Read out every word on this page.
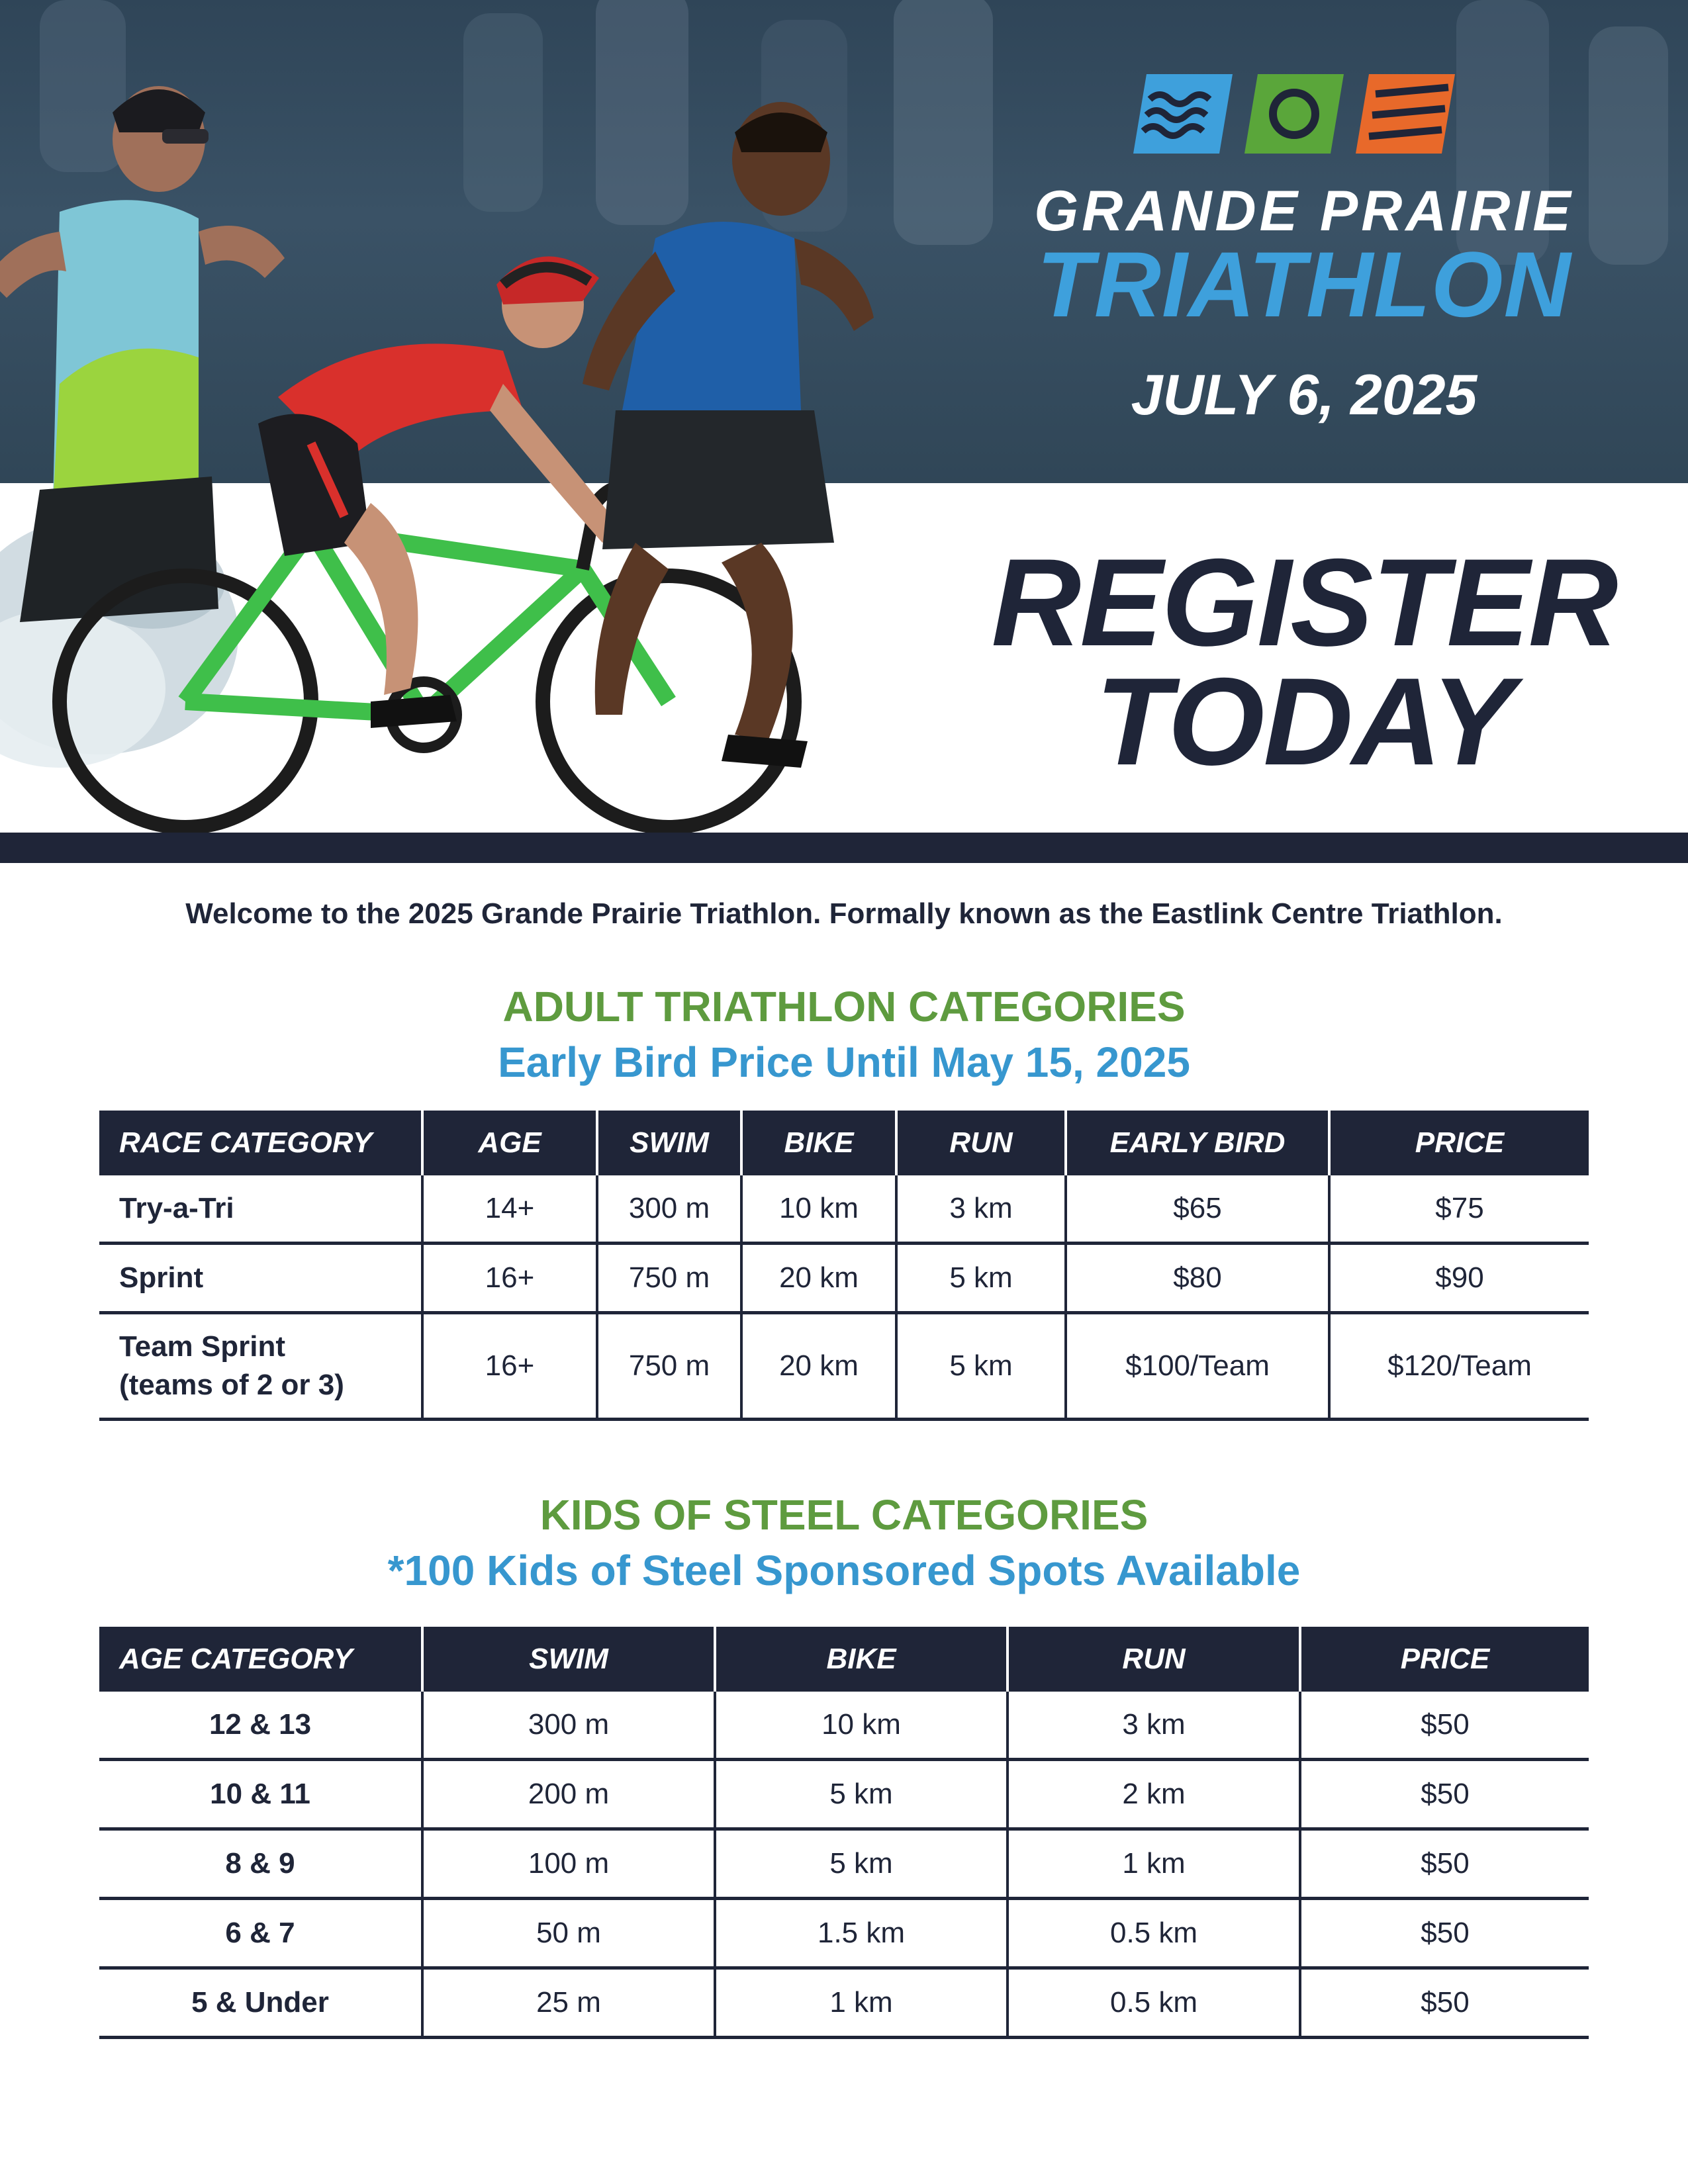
GRANDE PRAIRIE
TRIATHLON
JULY 6, 2025
REGISTER
TODAY
Welcome to the 2025 Grande Prairie Triathlon. Formally known as the Eastlink Centre Triathlon.
ADULT TRIATHLON CATEGORIES
Early Bird Price Until May 15, 2025
RACE CATEGORY	AGE	SWIM	BIKE	RUN	EARLY BIRD	PRICE
Try-a-Tri	14+	300 m	10 km	3 km	$65	$75
Sprint	16+	750 m	20 km	5 km	$80	$90

Team Sprint
(teams of 2 or 3)	16+	750 m	20 km	5 km	$100/Team	$120/Team
KIDS OF STEEL CATEGORIES
*100 Kids of Steel Sponsored Spots Available
AGE CATEGORY	SWIM	BIKE	RUN	PRICE
12 & 13	300 m	10 km	3 km	$50
10 & 11	200 m	5 km	2 km	$50
8 & 9	100 m	5 km	1 km	$50
6 & 7	50 m	1.5 km	0.5 km	$50
5 & Under	25 m	1 km	0.5 km	$50
